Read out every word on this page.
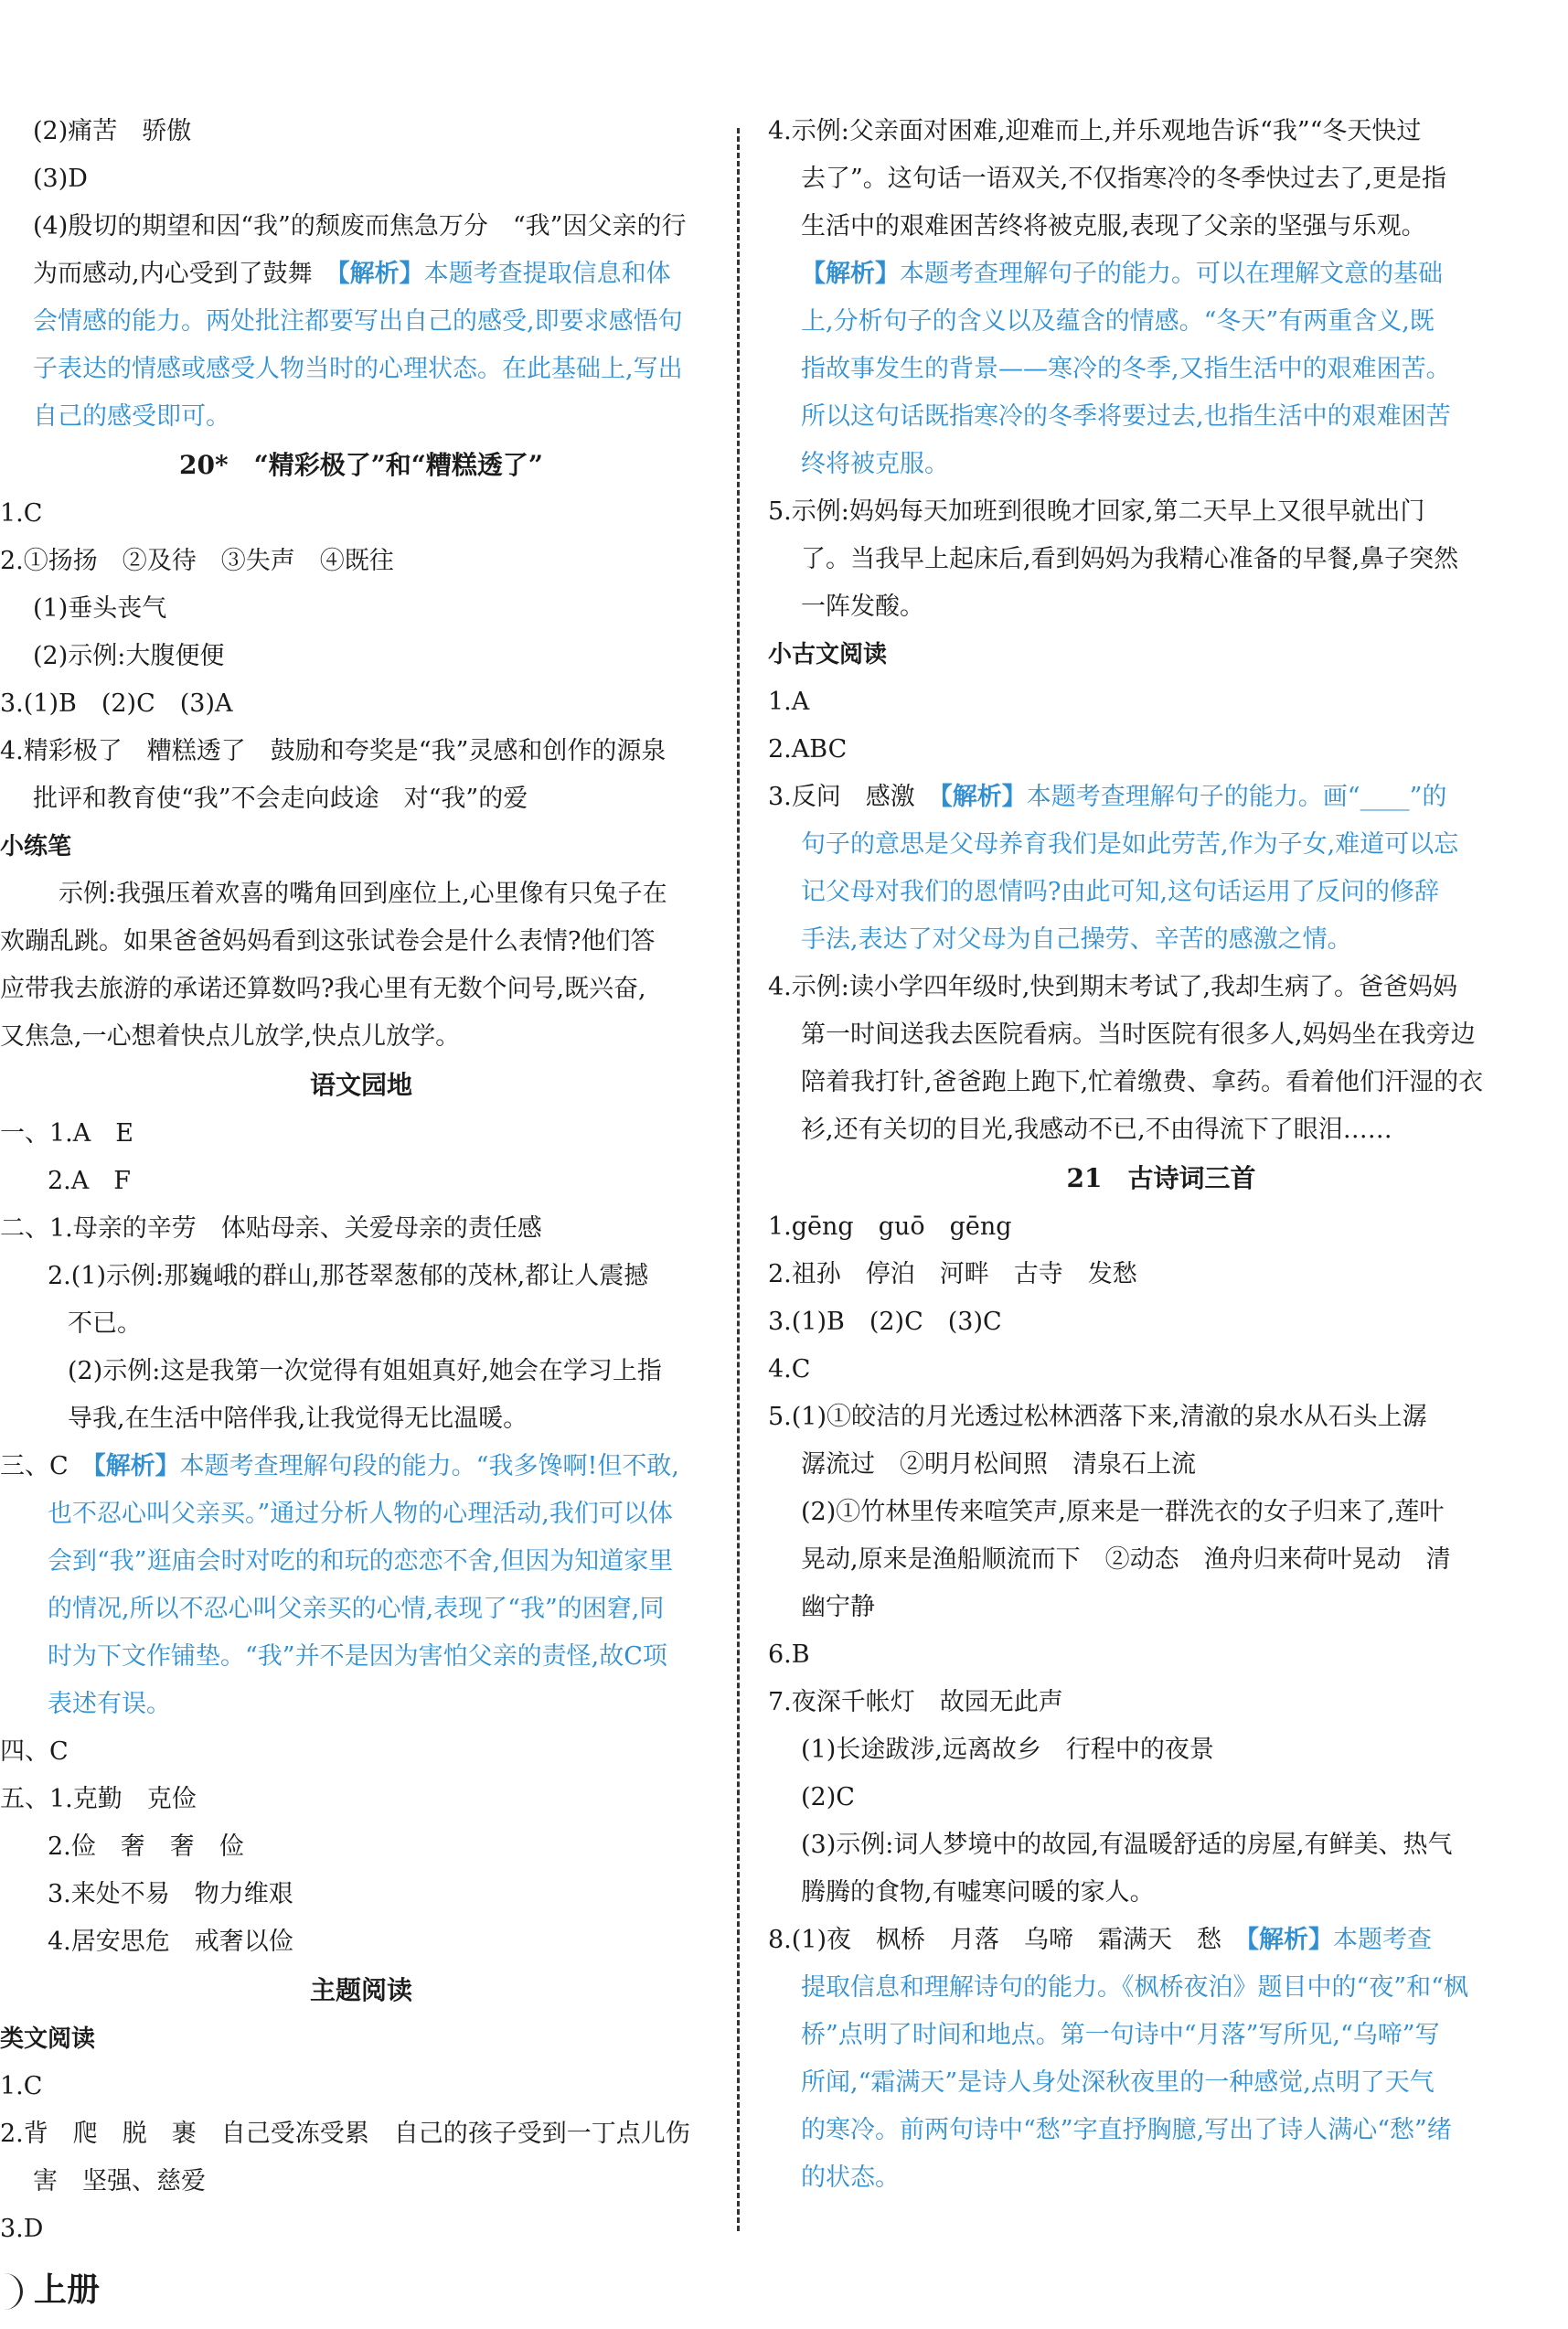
(2)痛苦　骄傲
(3)D
(4)殷切的期望和因“我”的颓废而焦急万分　“我”因父亲的行
为而感动,内心受到了鼓舞 【解析】本题考查提取信息和体
会情感的能力。两处批注都要写出自己的感受,即要求感悟句
子表达的情感或感受人物当时的心理状态。在此基础上,写出
自己的感受即可。
20*　“精彩极了”和“糟糕透了”
1.C
2.①扬扬　②及待　③失声　④既往
(1)垂头丧气
(2)示例:大腹便便
3.(1)B　(2)C　(3)A
4.精彩极了　糟糕透了　鼓励和夸奖是“我”灵感和创作的源泉
批评和教育使“我”不会走向歧途　对“我”的爱
小练笔
示例:我强压着欢喜的嘴角回到座位上,心里像有只兔子在
欢蹦乱跳。如果爸爸妈妈看到这张试卷会是什么表情?他们答
应带我去旅游的承诺还算数吗?我心里有无数个问号,既兴奋,
又焦急,一心想着快点儿放学,快点儿放学。
语文园地
一、1.A　E
2.A　F
二、1.母亲的辛劳　体贴母亲、关爱母亲的责任感
2.(1)示例:那巍峨的群山,那苍翠葱郁的茂林,都让人震撼
不已。
(2)示例:这是我第一次觉得有姐姐真好,她会在学习上指
导我,在生活中陪伴我,让我觉得无比温暖。
三、C 【解析】本题考查理解句段的能力。“我多馋啊!但不敢,
也不忍心叫父亲买。”通过分析人物的心理活动,我们可以体
会到“我”逛庙会时对吃的和玩的恋恋不舍,但因为知道家里
的情况,所以不忍心叫父亲买的心情,表现了“我”的困窘,同
时为下文作铺垫。“我”并不是因为害怕父亲的责怪,故C项
表述有误。
四、C
五、1.克勤　克俭
2.俭　奢　奢　俭
3.来处不易　物力维艰
4.居安思危　戒奢以俭
主题阅读
类文阅读
1.C
2.背　爬　脱　裹　自己受冻受累　自己的孩子受到一丁点儿伤
害　坚强、慈爱
3.D
4.示例:父亲面对困难,迎难而上,并乐观地告诉“我”“冬天快过
去了”。这句话一语双关,不仅指寒冷的冬季快过去了,更是指
生活中的艰难困苦终将被克服,表现了父亲的坚强与乐观。
【解析】本题考查理解句子的能力。可以在理解文意的基础
上,分析句子的含义以及蕴含的情感。“冬天”有两重含义,既
指故事发生的背景——寒冷的冬季,又指生活中的艰难困苦。
所以这句话既指寒冷的冬季将要过去,也指生活中的艰难困苦
终将被克服。
5.示例:妈妈每天加班到很晚才回家,第二天早上又很早就出门
了。当我早上起床后,看到妈妈为我精心准备的早餐,鼻子突然
一阵发酸。
小古文阅读
1.A
2.ABC
3.反问　感激 【解析】本题考查理解句子的能力。画“____”的
句子的意思是父母养育我们是如此劳苦,作为子女,难道可以忘
记父母对我们的恩情吗?由此可知,这句话运用了反问的修辞
手法,表达了对父母为自己操劳、辛苦的感激之情。
4.示例:读小学四年级时,快到期末考试了,我却生病了。爸爸妈妈
第一时间送我去医院看病。当时医院有很多人,妈妈坐在我旁边
陪着我打针,爸爸跑上跑下,忙着缴费、拿药。看着他们汗湿的衣
衫,还有关切的目光,我感动不已,不由得流下了眼泪……
21　古诗词三首
1.gēng　guō　gēng
2.祖孙　停泊　河畔　古寺　发愁
3.(1)B　(2)C　(3)C
4.C
5.(1)①皎洁的月光透过松林洒落下来,清澈的泉水从石头上潺
潺流过　②明月松间照　清泉石上流
(2)①竹林里传来喧笑声,原来是一群洗衣的女子归来了,莲叶
晃动,原来是渔船顺流而下　②动态　渔舟归来荷叶晃动　清
幽宁静
6.B
7.夜深千帐灯　故园无此声
(1)长途跋涉,远离故乡　行程中的夜景
(2)C
(3)示例:词人梦境中的故园,有温暖舒适的房屋,有鲜美、热气
腾腾的食物,有嘘寒问暖的家人。
8.(1)夜　枫桥　月落　乌啼　霜满天　愁 【解析】本题考查
提取信息和理解诗句的能力。《枫桥夜泊》题目中的“夜”和“枫
桥”点明了时间和地点。第一句诗中“月落”写所见,“乌啼”写
所闻,“霜满天”是诗人身处深秋夜里的一种感觉,点明了天气
的寒冷。前两句诗中“愁”字直抒胸臆,写出了诗人满心“愁”绪
的状态。
上册
